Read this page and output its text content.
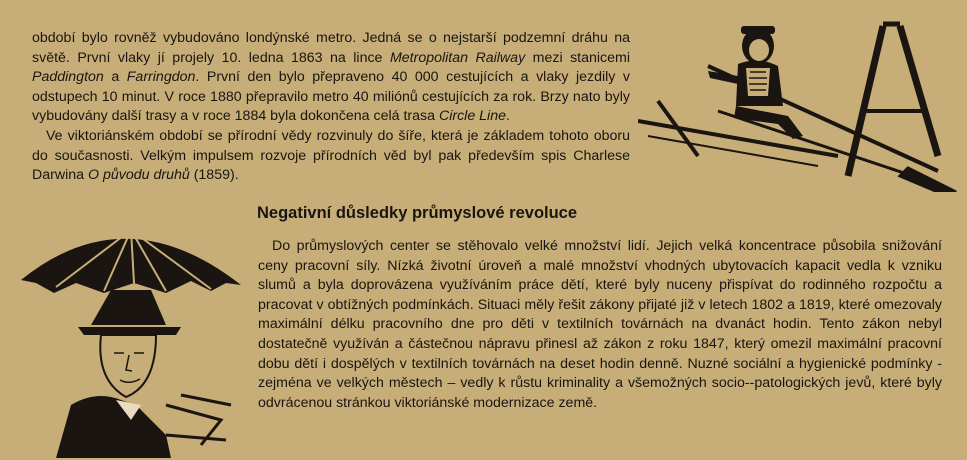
období bylo rovněž vybudováno londýnské metro. Jedná se o nejstarší podzemní dráhu na světě. První vlaky jí projely 10. ledna 1863 na lince Metropolitan Railway mezi stanicemi Paddington a Farringdon. První den bylo přepraveno 40 000 cestujících a vlaky jezdily v odstupech 10 minut. V roce 1880 přepravilo metro 40 miliónů cestujících za rok. Brzy nato byly vybudovány další trasy a v roce 1884 byla dokončena celá trasa Circle Line.
Ve viktoriánském období se přírodní vědy rozvinuly do šíře, která je základem tohoto oboru do současnosti. Velkým impulsem rozvoje přírodních věd byl pak především spis Charlese Darwina O původu druhů (1859).

Negativní důsledky průmyslové revoluce

Do průmyslových center se stěhovalo velké množství lidí. Jejich velká koncentrace působila snižování ceny pracovní síly. Nízká životní úroveň a malé množství vhodných ubytovacích kapacit vedla k vzniku slumů a byla doprovázena využíváním práce dětí, které byly nuceny přispívat do rodinného rozpočtu a pracovat v obtížných podmínkách. Situaci měly řešit zákony přijaté již v letech 1802 a 1819, které omezovaly maximální délku pracovního dne pro děti v textilních továrnách na dvanáct hodin. Tento zákon nebyl dostatečně využíván a částečnou nápravu přinesl až zákon z roku 1847, který omezil maximální pracovní dobu dětí i dospělých v textilních továrnách na deset hodin denně. Nuzné sociální a hygienické podmínky - zejména ve velkých městech – vedly k růstu kriminality a všemožných socio--patologických jevů, které byly odvrácenou stránkou viktoriánské modernizace země.
